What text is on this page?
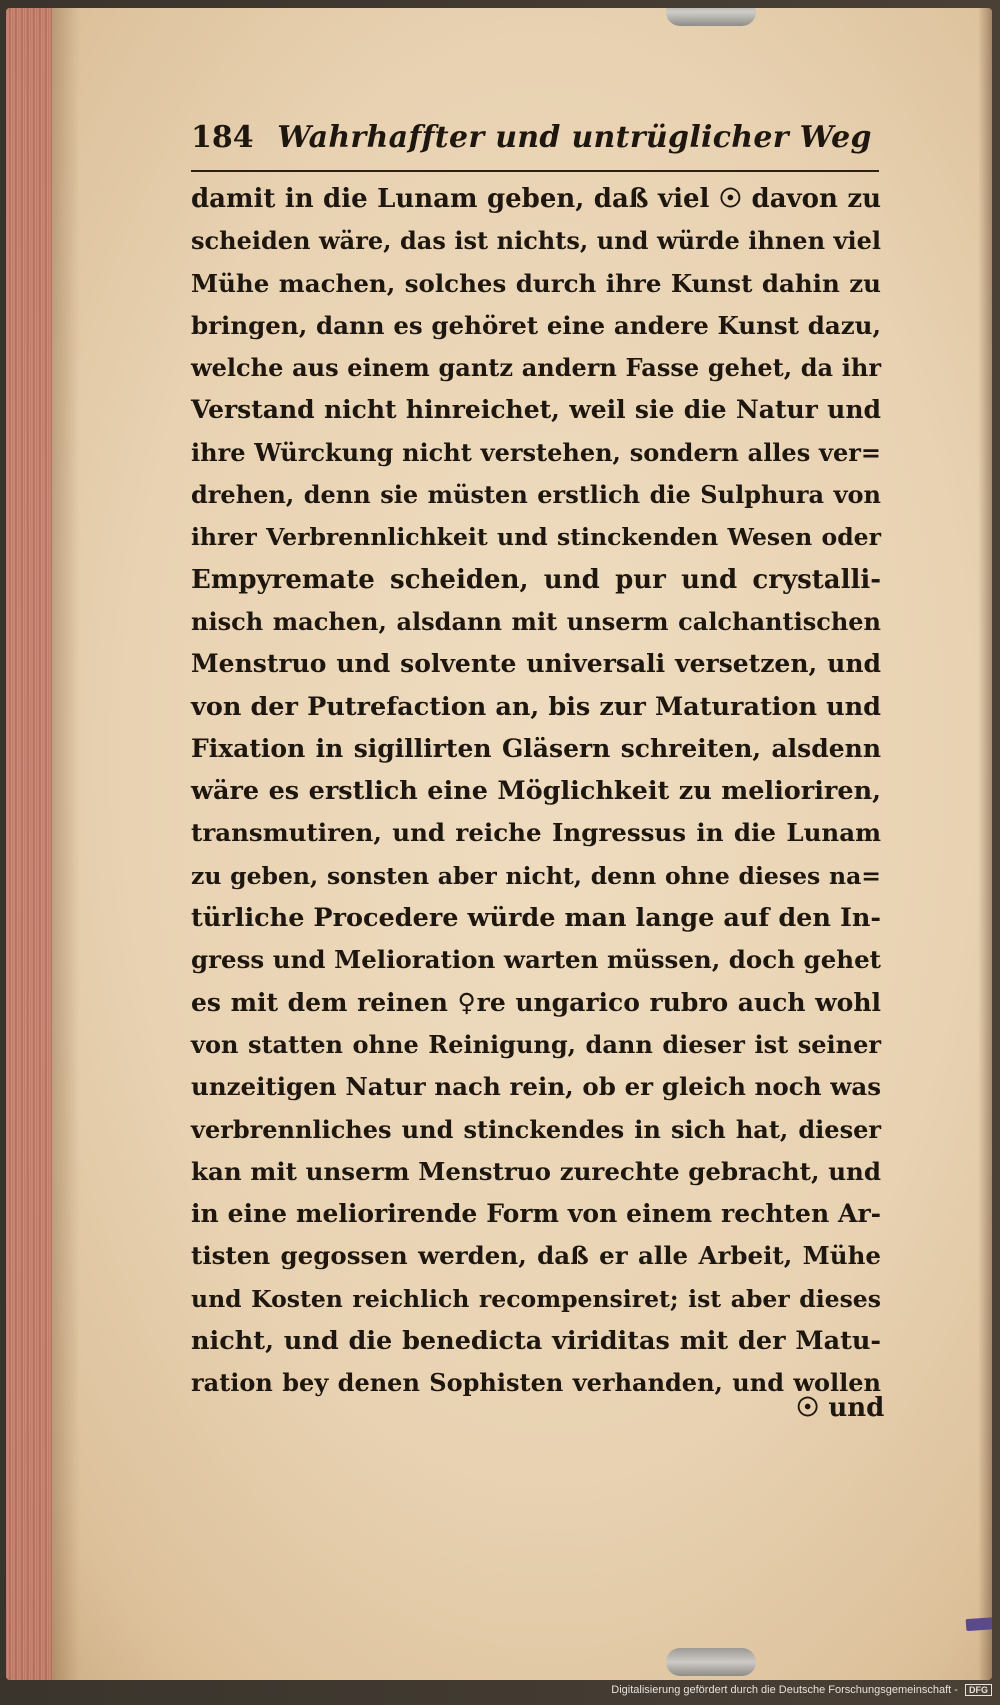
184 Wahrhaffter und untrüglicher Weg
damit in die Lunam geben, daß viel ☉ davon zu
scheiden wäre, das ist nichts, und würde ihnen viel
Mühe machen, solches durch ihre Kunst dahin zu
bringen, dann es gehöret eine andere Kunst dazu,
welche aus einem gantz andern Fasse gehet, da ihr
Verstand nicht hinreichet, weil sie die Natur und
ihre Würckung nicht verstehen, sondern alles ver=
drehen, denn sie müsten erstlich die Sulphura von
ihrer Verbrennlichkeit und stinckenden Wesen oder
Empyremate scheiden, und pur und crystalli-
nisch machen, alsdann mit unserm calchantischen
Menstruo und solvente universali versetzen, und
von der Putrefaction an, bis zur Maturation und
Fixation in sigillirten Gläsern schreiten, alsdenn
wäre es erstlich eine Möglichkeit zu melioriren,
transmutiren, und reiche Ingressus in die Lunam
zu geben, sonsten aber nicht, denn ohne dieses na=
türliche Procedere würde man lange auf den In-
gress und Melioration warten müssen, doch gehet
es mit dem reinen ♀re ungarico rubro auch wohl
von statten ohne Reinigung, dann dieser ist seiner
unzeitigen Natur nach rein, ob er gleich noch was
verbrennliches und stinckendes in sich hat, dieser
kan mit unserm Menstruo zurechte gebracht, und
in eine meliorirende Form von einem rechten Ar-
tisten gegossen werden, daß er alle Arbeit, Mühe
und Kosten reichlich recompensiret; ist aber dieses
nicht, und die benedicta viriditas mit der Matu-
ration bey denen Sophisten verhanden, und wollen
☉ und
Digitalisierung gefördert durch die Deutsche Forschungsgemeinschaft - DFG
